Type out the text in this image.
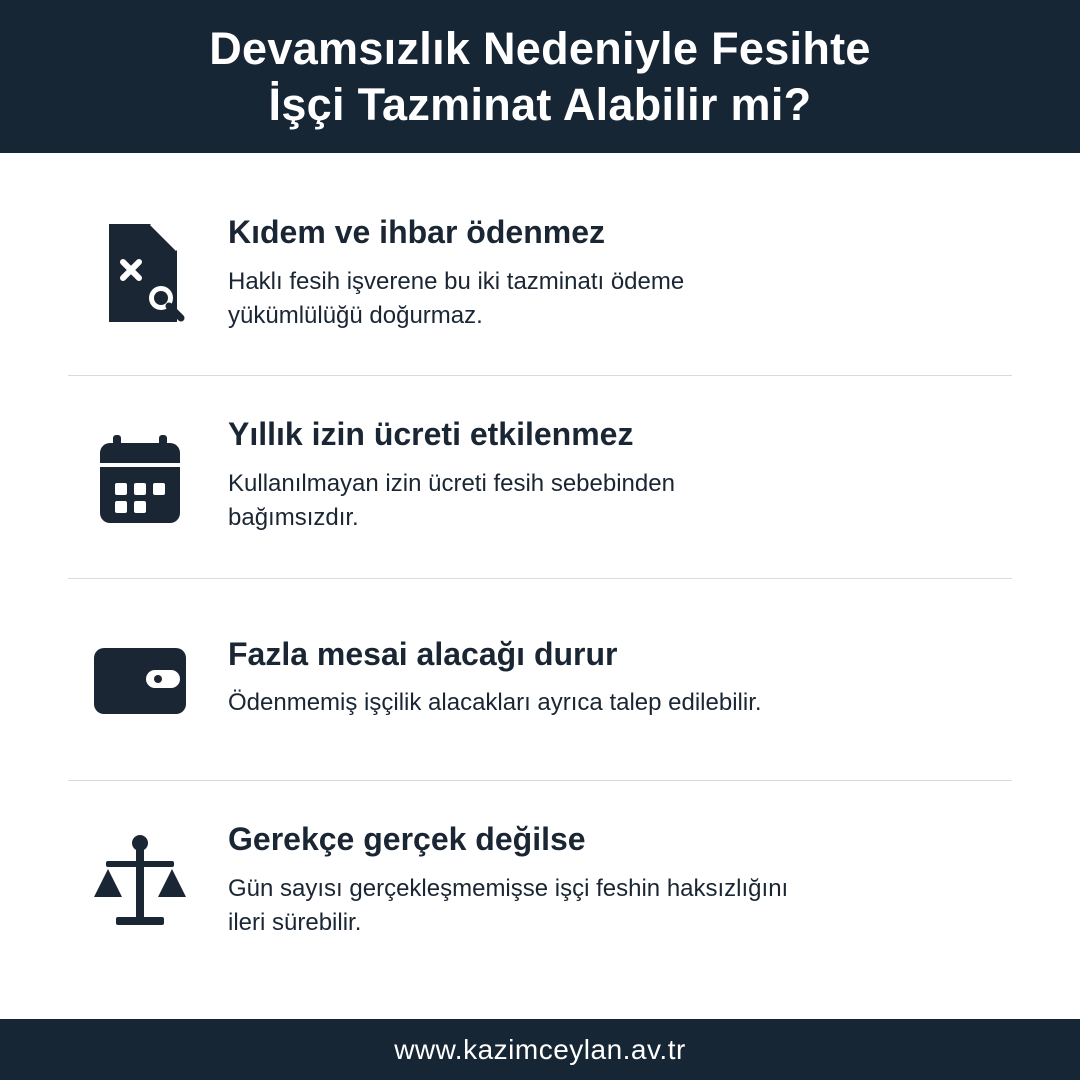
Devamsızlık Nedeniyle Fesihte
İşçi Tazminat Alabilir mi?
Kıdem ve ihbar ödenmez
Haklı fesih işverene bu iki tazminatı ödeme
yükümlülüğü doğurmaz.
Yıllık izin ücreti etkilenmez
Kullanılmayan izin ücreti fesih sebebinden
bağımsızdır.
Fazla mesai alacağı durur
Ödenmemiş işçilik alacakları ayrıca talep edilebilir.
Gerekçe gerçek değilse
Gün sayısı gerçekleşmemişse işçi feshin haksızlığını
ileri sürebilir.
www.kazimceylan.av.tr
